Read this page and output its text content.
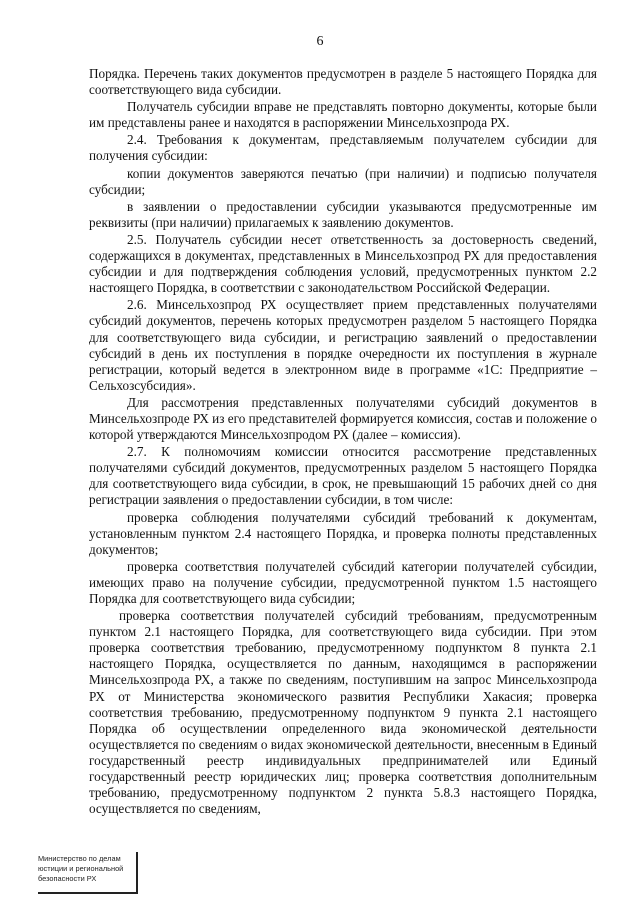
6

Порядка. Перечень таких документов предусмотрен в разделе 5 настоящего Порядка для соответствующего вида субсидии.

Получатель субсидии вправе не представлять повторно документы, которые были им представлены ранее и находятся в распоряжении Минсельхозпрода РХ.

2.4. Требования к документам, представляемым получателем субсидии для получения субсидии:

копии документов заверяются печатью (при наличии) и подписью получателя субсидии;

в заявлении о предоставлении субсидии указываются предусмотренные им реквизиты (при наличии) прилагаемых к заявлению документов.

2.5. Получатель субсидии несет ответственность за достоверность сведений, содержащихся в документах, представленных в Минсельхозпрод РХ для предоставления субсидии и для подтверждения соблюдения условий, предусмотренных пунктом 2.2 настоящего Порядка, в соответствии с законодательством Российской Федерации.

2.6. Минсельхозпрод РХ осуществляет прием представленных получателями субсидий документов, перечень которых предусмотрен разделом 5 настоящего Порядка для соответствующего вида субсидии, и регистрацию заявлений о предоставлении субсидий в день их поступления в порядке очередности их поступления в журнале регистрации, который ведется в электронном виде в программе «1С: Предприятие – Сельхозсубсидия».

Для рассмотрения представленных получателями субсидий документов в Минсельхозпроде РХ из его представителей формируется комиссия, состав и положение о которой утверждаются Минсельхозпродом РХ (далее – комиссия).

2.7. К полномочиям комиссии относится рассмотрение представленных получателями субсидий документов, предусмотренных разделом 5 настоящего Порядка для соответствующего вида субсидии, в срок, не превышающий 15 рабочих дней со дня регистрации заявления о предоставлении субсидии, в том числе:

проверка соблюдения получателями субсидий требований к документам, установленным пунктом 2.4 настоящего Порядка, и проверка полноты представленных документов;

проверка соответствия получателей субсидий категории получателей субсидии, имеющих право на получение субсидии, предусмотренной пунктом 1.5 настоящего Порядка для соответствующего вида субсидии;

проверка соответствия получателей субсидий требованиям, предусмотренным пунктом 2.1 настоящего Порядка, для соответствующего вида субсидии. При этом проверка соответствия требованию, предусмотренному подпунктом 8 пункта 2.1 настоящего Порядка, осуществляется по данным, находящимся в распоряжении Минсельхозпрода РХ, а также по сведениям, поступившим на запрос Минсельхозпрода РХ от Министерства экономического развития Республики Хакасия; проверка соответствия требованию, предусмотренному подпунктом 9 пункта 2.1 настоящего Порядка об осуществлении определенного вида экономической деятельности осуществляется по сведениям о видах экономической деятельности, внесенным в Единый государственный реестр индивидуальных предпринимателей или Единый государственный реестр юридических лиц; проверка соответствия дополнительным требованию, предусмотренному подпунктом 2 пункта 5.8.3 настоящего Порядка, осуществляется по сведениям,

Министерство по делам
юстиции и региональной
безопасности РХ
